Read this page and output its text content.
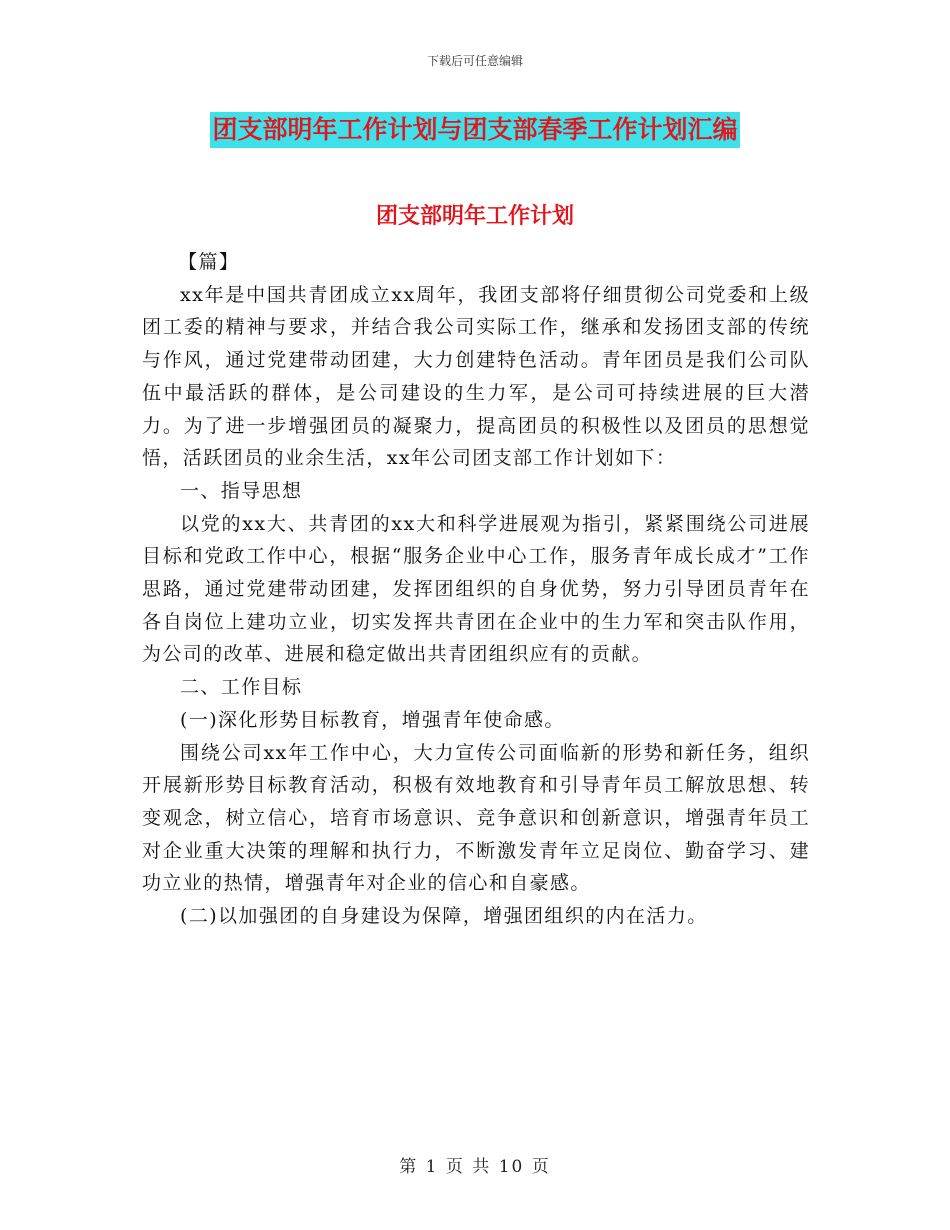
下载后可任意编辑
团支部明年工作计划与团支部春季工作计划汇编
团支部明年工作计划

【篇】

xx年是中国共青团成立xx周年，我团支部将仔细贯彻公司党委和上级团工委的精神与要求，并结合我公司实际工作，继承和发扬团支部的传统与作风，通过党建带动团建，大力创建特色活动。青年团员是我们公司队伍中最活跃的群体，是公司建设的生力军，是公司可持续进展的巨大潜力。为了进一步增强团员的凝聚力，提高团员的积极性以及团员的思想觉悟，活跃团员的业余生活，xx年公司团支部工作计划如下：

一、指导思想

以党的xx大、共青团的xx大和科学进展观为指引，紧紧围绕公司进展目标和党政工作中心，根据“服务企业中心工作，服务青年成长成才”工作思路，通过党建带动团建，发挥团组织的自身优势，努力引导团员青年在各自岗位上建功立业，切实发挥共青团在企业中的生力军和突击队作用，为公司的改革、进展和稳定做出共青团组织应有的贡献。

二、工作目标

(一)深化形势目标教育，增强青年使命感。

围绕公司xx年工作中心，大力宣传公司面临新的形势和新任务，组织开展新形势目标教育活动，积极有效地教育和引导青年员工解放思想、转变观念，树立信心，培育市场意识、竞争意识和创新意识，增强青年员工对企业重大决策的理解和执行力，不断激发青年立足岗位、勤奋学习、建功立业的热情，增强青年对企业的信心和自豪感。

(二)以加强团的自身建设为保障，增强团组织的内在活力。

第 1 页 共 10 页
